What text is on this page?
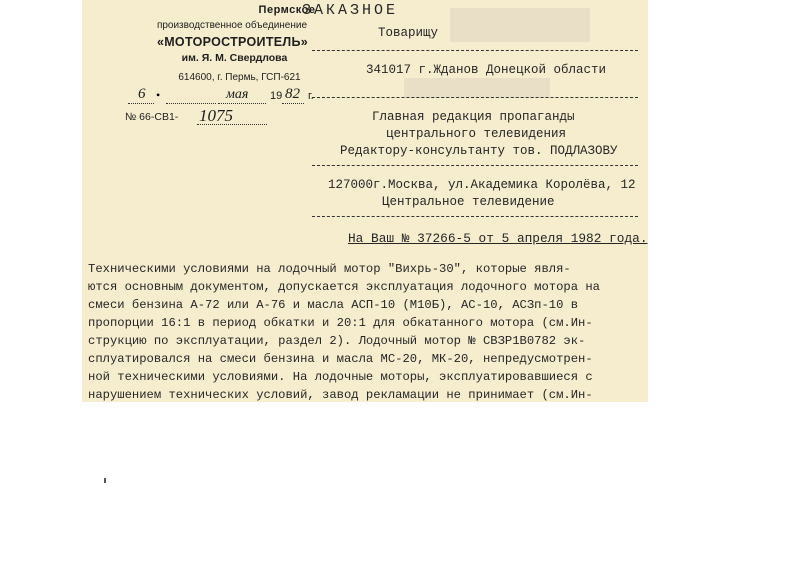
Пермское
производственное объединение
«МОТОРОСТРОИТЕЛЬ»
им. Я. М. Свердлова
614600, г. Пермь, ГСП-621
6 •	мая 19 82 г.
№ 66-СВ1- 1075
ЗАКАЗНОЕ
Товарищу
341017 г.Жданов Донецкой области
Главная редакция пропаганды
центрального телевидения
Редактору-консультанту тов. ПОДЛАЗОВУ
127000г.Москва, ул.Академика Королёва, 12
Центральное телевидение
На Ваш № 37266-5 от 5 апреля 1982 года.
Техническими условиями на лодочный мотор "Вихрь-30", которые явля-
ются основным документом, допускается эксплуатация лодочного мотора на
смеси бензина А-72 или А-76 и масла АСП-10 (М10Б), АС-10, АСЗп-10 в
пропорции 16:1 в период обкатки и 20:1 для обкатанного мотора (см.Ин-
струкцию по эксплуатации, раздел 2). Лодочный мотор № СВЗР1В0782 эк-
сплуатировался на смеси бензина и масла МС-20, МК-20, непредусмотрен-
ной техническими условиями. На лодочные моторы, эксплуатировавшиеся с
нарушением технических условий, завод рекламации не принимает (см.Ин-
